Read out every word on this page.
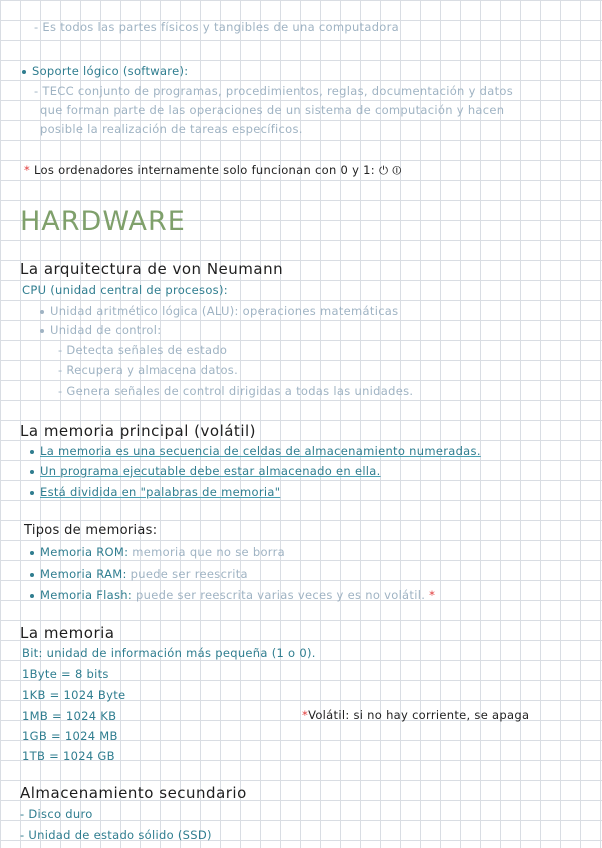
- Es todos las partes físicos y tangibles de una computadora
Soporte lógico (software):
- TECC conjunto de programas, procedimientos, reglas, documentación y datos
que forman parte de las operaciones de un sistema de computación y hacen
posible la realización de tareas específicos.
* Los ordenadores internamente solo funcionan con 0 y 1: ⏻ ⏼
HARDWARE
La arquitectura de von Neumann
CPU (unidad central de procesos):
Unidad aritmético lógica (ALU): operaciones matemáticas
Unidad de control:
- Detecta señales de estado
- Recupera y almacena datos.
- Genera señales de control dirigidas a todas las unidades.
La memoria principal (volátil)
La memoria es una secuencia de celdas de almacenamiento numeradas.
Un programa ejecutable debe estar almacenado en ella.
Está dividida en "palabras de memoria"
Tipos de memorias:
Memoria ROM: memoria que no se borra
Memoria RAM: puede ser reescrita
Memoria Flash: puede ser reescrita varias veces y es no volátil. *
La memoria
Bit: unidad de información más pequeña (1 o 0).
1Byte = 8 bits
1KB = 1024 Byte
1MB = 1024 KB
1GB = 1024 MB
1TB = 1024 GB
*Volátil: si no hay corriente, se apaga
Almacenamiento secundario
- Disco duro
- Unidad de estado sólido (SSD)
